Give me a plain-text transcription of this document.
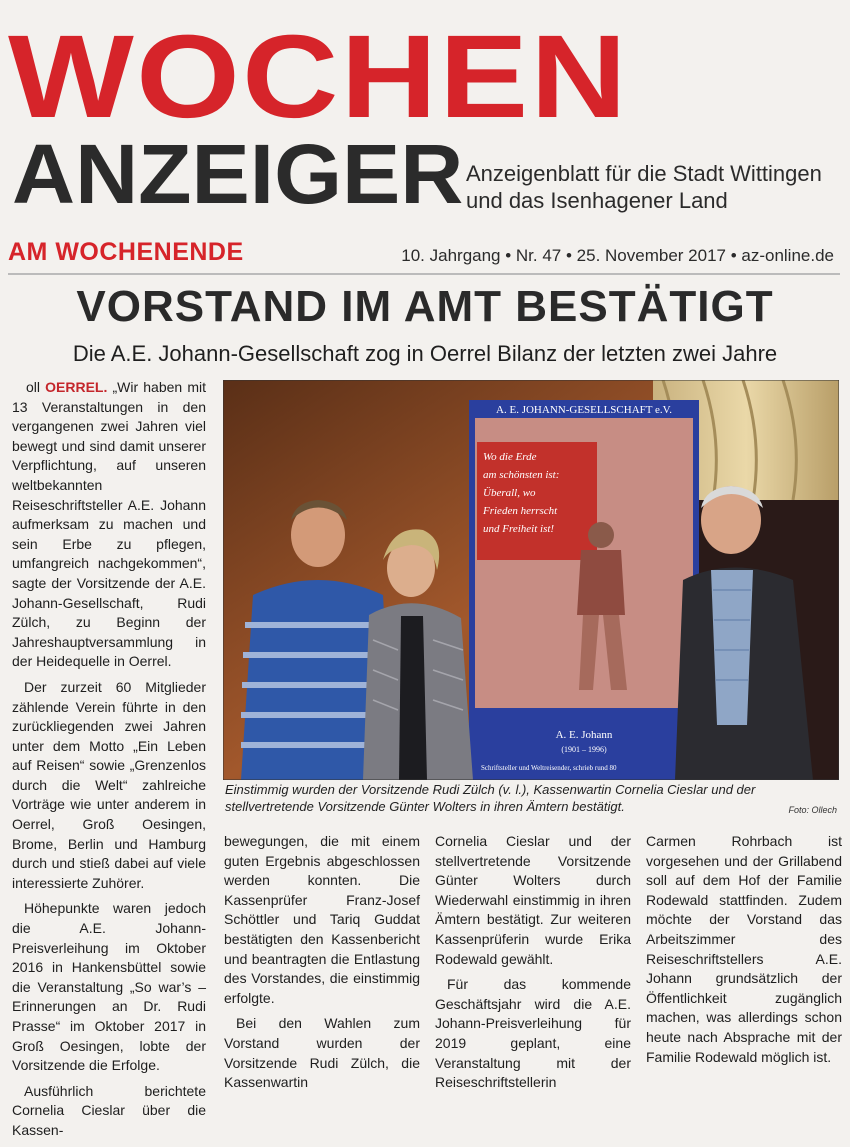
WOCHEN
ANZEIGER Anzeigenblatt für die Stadt Wittingen
und das Isenhagener Land
AM WOCHENENDE	10. Jahrgang • Nr. 47 • 25. November 2017 • az-online.de
VORSTAND IM AMT BESTÄTIGT
Die A.E. Johann-Gesellschaft zog in Oerrel Bilanz der letzten zwei Jahre

oll OERREL. „Wir haben mit 13 Veranstaltungen in den vergangenen zwei Jahren viel bewegt und sind damit unserer Verpflichtung, auf unseren weltbekannten Reiseschriftsteller A.E. Johann aufmerksam zu machen und sein Erbe zu pflegen, umfangreich nachgekommen“, sagte der Vorsitzende der A.E. Johann-Gesellschaft, Rudi Zülch, zu Beginn der Jahreshauptversammlung in der Heidequelle in Oerrel.

Der zurzeit 60 Mitglieder zählende Verein führte in den zurückliegenden zwei Jahren unter dem Motto „Ein Leben auf Reisen“ sowie „Grenzenlos durch die Welt“ zahlreiche Vorträge wie unter anderem in Oerrel, Groß Oesingen, Brome, Berlin und Hamburg durch und stieß dabei auf viele interessierte Zuhörer.

Höhepunkte waren jedoch die A.E. Johann-Preisverleihung im Oktober 2016 in Hankensbüttel sowie die Veranstaltung „So war’s – Erinnerungen an Dr. Rudi Prasse“ im Oktober 2017 in Groß Oesingen, lobte der Vorsitzende die Erfolge.

Ausführlich berichtete Cornelia Cieslar über die Kassen-

A. E. JOHANN-GESELLSCHAFT e.V.
Wo die Erde
am schönsten ist:
Überall, wo
Frieden herrscht
und Freiheit ist!
A. E. Johann
(1901 – 1996)
Schriftsteller und Weltreisender, schrieb rund 80
Einstimmig wurden der Vorsitzende Rudi Zülch (v. l.), Kassenwartin Cornelia Cieslar und der stellvertretende Vorsitzende Günter Wolters in ihren Ämtern bestätigt.	Foto: Ollech

bewegungen, die mit einem guten Ergebnis abgeschlossen werden konnten. Die Kassenprüfer Franz-Josef Schöttler und Tariq Guddat bestätigten den Kassenbericht und beantragten die Entlastung des Vorstandes, die einstimmig erfolgte.

Bei den Wahlen zum Vorstand wurden der Vorsitzende Rudi Zülch, die Kassenwartin

Cornelia Cieslar und der stellvertretende Vorsitzende Günter Wolters durch Wiederwahl einstimmig in ihren Ämtern bestätigt. Zur weiteren Kassenprüferin wurde Erika Rodewald gewählt.

Für das kommende Geschäftsjahr wird die A.E. Johann-Preisverleihung für 2019 geplant, eine Veranstaltung mit der Reiseschriftstellerin

Carmen Rohrbach ist vorgesehen und der Grillabend soll auf dem Hof der Familie Rodewald stattfinden. Zudem möchte der Vorstand das Arbeitszimmer des Reiseschriftstellers A.E. Johann grundsätzlich der Öffentlichkeit zugänglich machen, was allerdings schon heute nach Absprache mit der Familie Rodewald möglich ist.
